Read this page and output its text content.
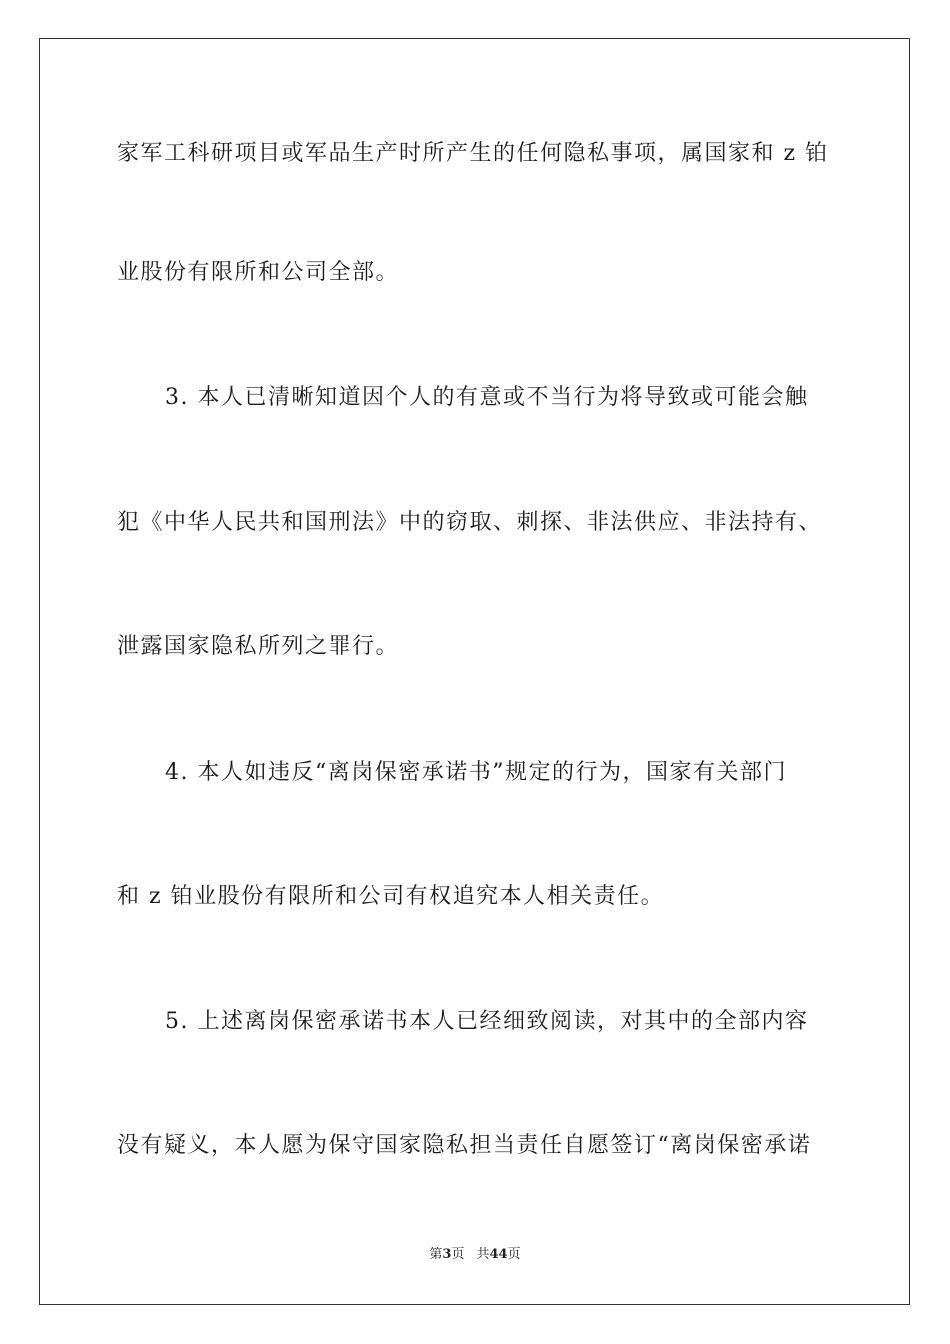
家军工科研项目或军品生产时所产生的任何隐私事项，属国家和 z 铂
业股份有限所和公司全部。
3. 本人已清晰知道因个人的有意或不当行为将导致或可能会触
犯《中华人民共和国刑法》中的窃取、刺探、非法供应、非法持有、
泄露国家隐私所列之罪行。
4. 本人如违反“离岗保密承诺书”规定的行为，国家有关部门
和 z 铂业股份有限所和公司有权追究本人相关责任。
5. 上述离岗保密承诺书本人已经细致阅读，对其中的全部内容
没有疑义，本人愿为保守国家隐私担当责任自愿签订“离岗保密承诺
第3页 共44页
